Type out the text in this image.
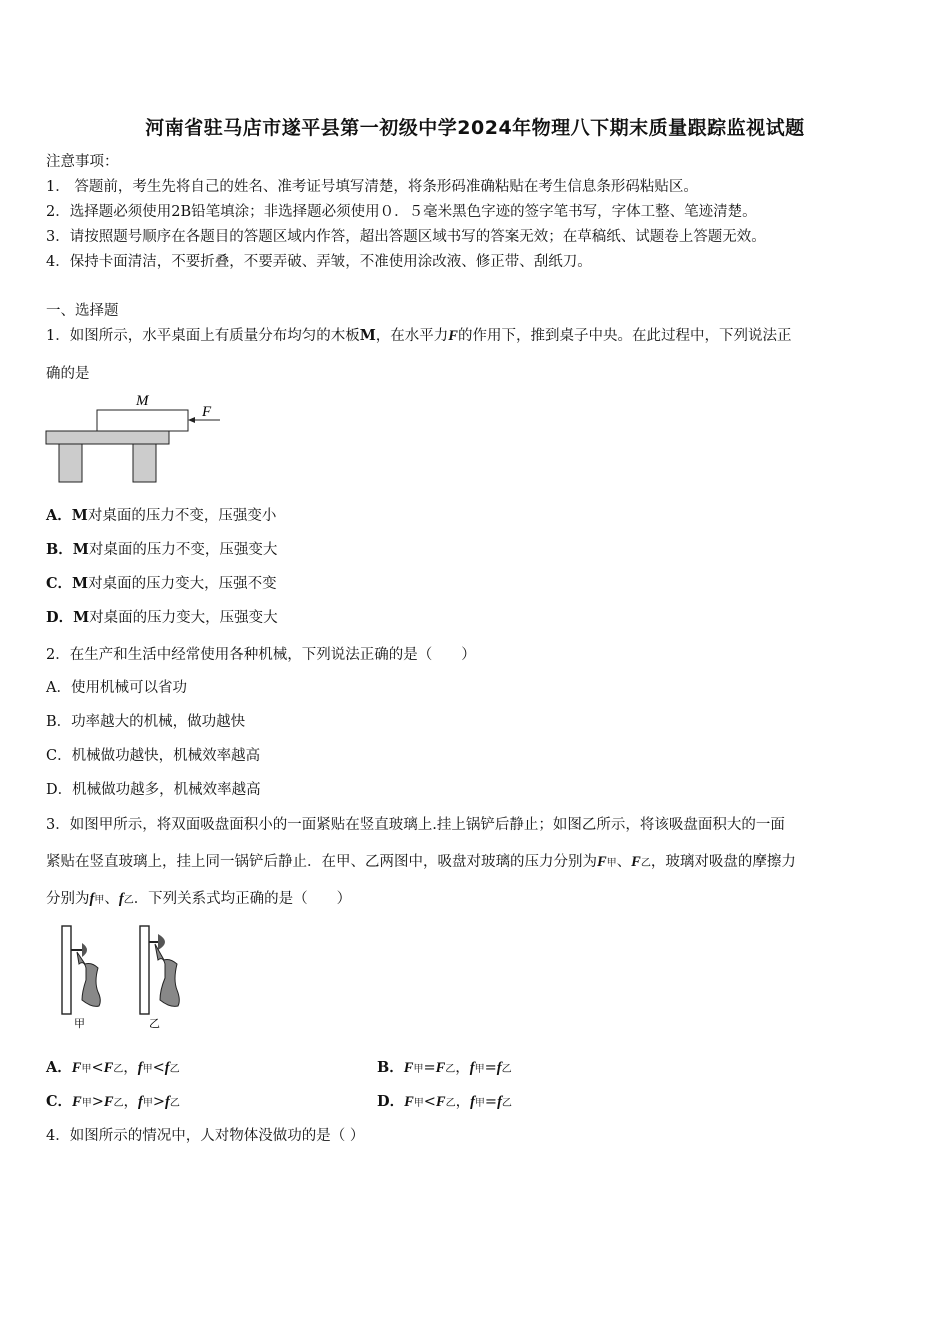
河南省驻马店市遂平县第一初级中学2024年物理八下期末质量跟踪监视试题
注意事项：
1． 答题前，考生先将自己的姓名、准考证号填写清楚，将条形码准确粘贴在考生信息条形码粘贴区。
2．选择题必须使用2B铅笔填涂；非选择题必须使用０．５毫米黑色字迹的签字笔书写，字体工整、笔迹清楚。
3．请按照题号顺序在各题目的答题区域内作答，超出答题区域书写的答案无效；在草稿纸、试题卷上答题无效。
4．保持卡面清洁，不要折叠，不要弄破、弄皱，不准使用涂改液、修正带、刮纸刀。
一、选择题
1．如图所示，水平桌面上有质量分布均匀的木板M，在水平力F的作用下，推到桌子中央。在此过程中，下列说法正
确的是
M
F
A．M对桌面的压力不变，压强变小
B．M对桌面的压力不变，压强变大
C．M对桌面的压力变大，压强不变
D．M对桌面的压力变大，压强变大
2．在生产和生活中经常使用各种机械，下列说法正确的是（　　）
A．使用机械可以省功
B．功率越大的机械，做功越快
C．机械做功越快，机械效率越高
D．机械做功越多，机械效率越高
3．如图甲所示，将双面吸盘面积小的一面紧贴在竖直玻璃上.挂上锅铲后静止；如图乙所示，将该吸盘面积大的一面
紧贴在竖直玻璃上，挂上同一锅铲后静止．在甲、乙两图中，吸盘对玻璃的压力分别为F甲、F乙，玻璃对吸盘的摩擦力
分别为f甲、f乙．下列关系式均正确的是（　　）
甲	乙
A．F甲<F乙，f甲<f乙	B．F甲=F乙，f甲=f乙
C．F甲>F乙，f甲>f乙	D．F甲<F乙，f甲=f乙
4．如图所示的情况中，人对物体没做功的是（ ）
